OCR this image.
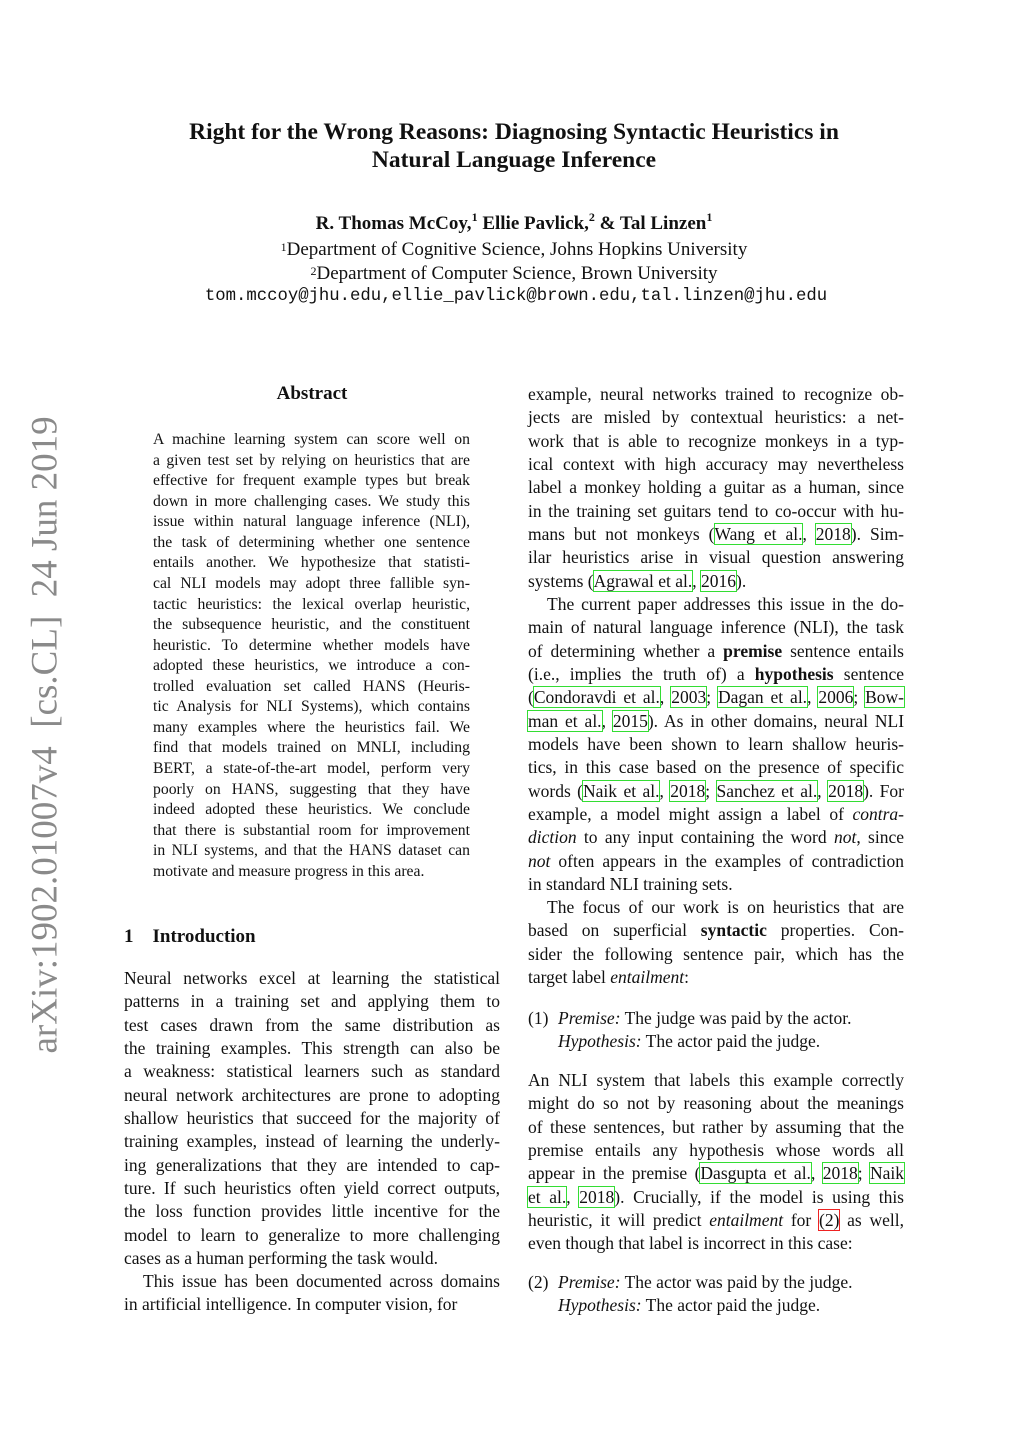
arXiv:1902.01007v4  [cs.CL]  24 Jun 2019
Right for the Wrong Reasons: Diagnosing Syntactic Heuristics in
Natural Language Inference
R. Thomas McCoy,$^1$ Ellie Pavlick,$^2$ & Tal Linzen$^1$
$^1$Department of Cognitive Science, Johns Hopkins University
$^2$Department of Computer Science, Brown University
tom.mccoy@jhu.edu,ellie_pavlick@brown.edu,tal.linzen@jhu.edu
Abstract
A machine learning system can score well on
a given test set by relying on heuristics that are
effective for frequent example types but break
down in more challenging cases. We study this
issue within natural language inference (NLI),
the task of determining whether one sentence
entails another. We hypothesize that statisti-
cal NLI models may adopt three fallible syn-
tactic heuristics: the lexical overlap heuristic,
the subsequence heuristic, and the constituent
heuristic. To determine whether models have
adopted these heuristics, we introduce a con-
trolled evaluation set called HANS (Heuris-
tic Analysis for NLI Systems), which contains
many examples where the heuristics fail. We
find that models trained on MNLI, including
BERT, a state-of-the-art model, perform very
poorly on HANS, suggesting that they have
indeed adopted these heuristics. We conclude
that there is substantial room for improvement
in NLI systems, and that the HANS dataset can
motivate and measure progress in this area.
1 Introduction
Neural networks excel at learning the statistical
patterns in a training set and applying them to
test cases drawn from the same distribution as
the training examples. This strength can also be
a weakness: statistical learners such as standard
neural network architectures are prone to adopting
shallow heuristics that succeed for the majority of
training examples, instead of learning the underly-
ing generalizations that they are intended to cap-
ture. If such heuristics often yield correct outputs,
the loss function provides little incentive for the
model to learn to generalize to more challenging
cases as a human performing the task would.
This issue has been documented across domains
in artificial intelligence. In computer vision, for
example, neural networks trained to recognize ob-
jects are misled by contextual heuristics: a net-
work that is able to recognize monkeys in a typ-
ical context with high accuracy may nevertheless
label a monkey holding a guitar as a human, since
in the training set guitars tend to co-occur with hu-
mans but not monkeys (Wang et al., 2018). Sim-
ilar heuristics arise in visual question answering
systems (Agrawal et al., 2016).
The current paper addresses this issue in the do-
main of natural language inference (NLI), the task
of determining whether a premise sentence entails
(i.e., implies the truth of) a hypothesis sentence
(Condoravdi et al., 2003; Dagan et al., 2006; Bow-
man et al., 2015). As in other domains, neural NLI
models have been shown to learn shallow heuris-
tics, in this case based on the presence of specific
words (Naik et al., 2018; Sanchez et al., 2018). For
example, a model might assign a label of contra-
diction to any input containing the word not, since
not often appears in the examples of contradiction
in standard NLI training sets.
The focus of our work is on heuristics that are
based on superficial syntactic properties. Con-
sider the following sentence pair, which has the
target label entailment:
(1) Premise: The judge was paid by the actor.
Hypothesis: The actor paid the judge.
An NLI system that labels this example correctly
might do so not by reasoning about the meanings
of these sentences, but rather by assuming that the
premise entails any hypothesis whose words all
appear in the premise (Dasgupta et al., 2018; Naik
et al., 2018). Crucially, if the model is using this
heuristic, it will predict entailment for (2) as well,
even though that label is incorrect in this case:
(2) Premise: The actor was paid by the judge.
Hypothesis: The actor paid the judge.
